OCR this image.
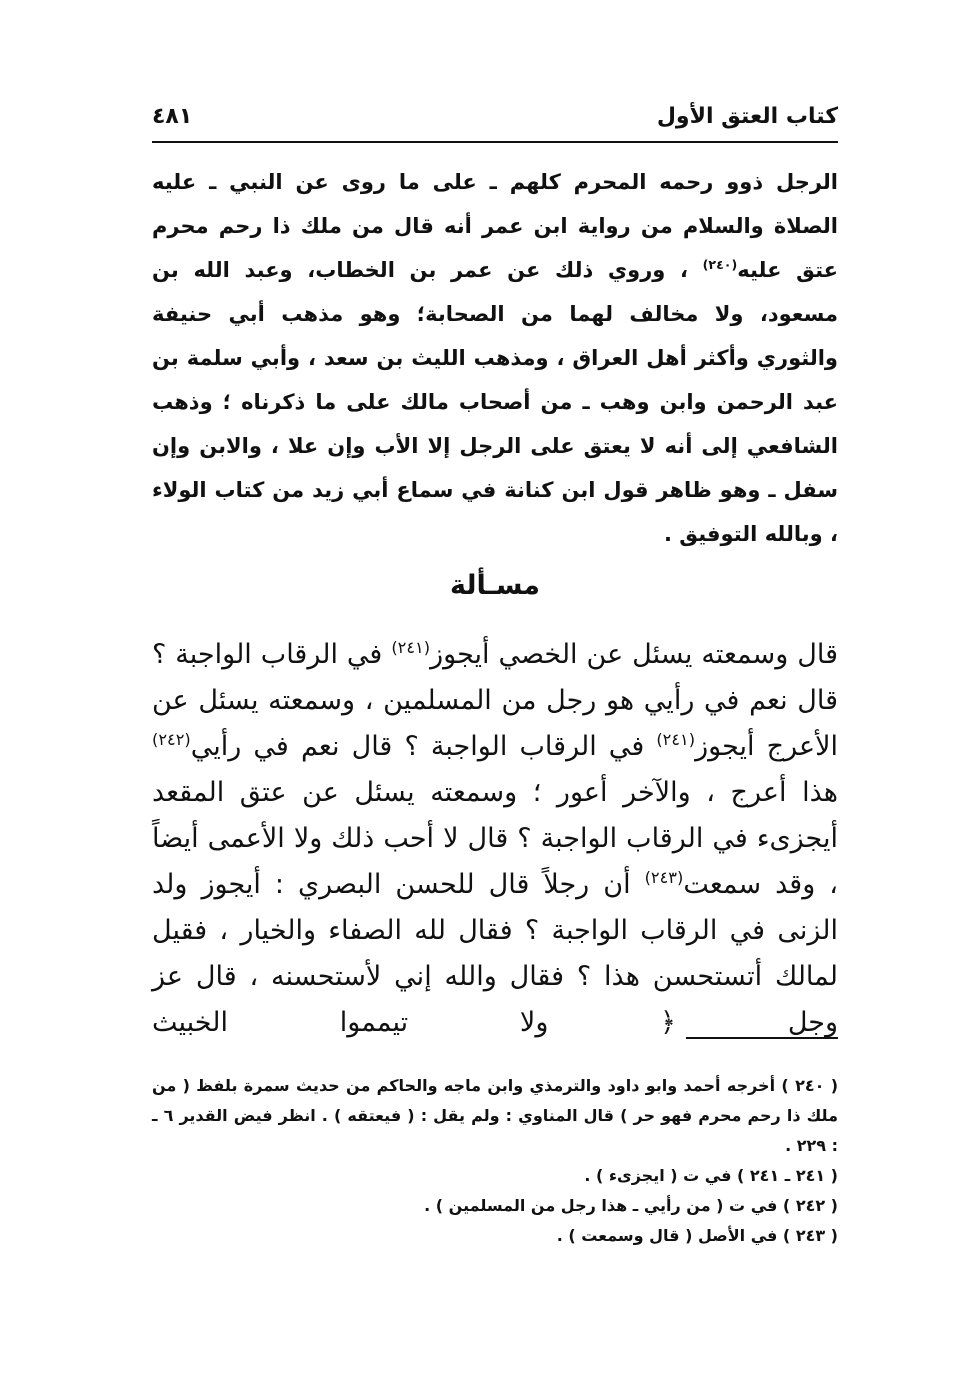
كتاب العتق الأول
٤٨١

الرجل ذوو رحمه المحرم كلهم ـ على ما روى عن النبي ـ عليه الصلاة والسلام من رواية ابن عمر أنه قال من ملك ذا رحم محرم عتق عليه$^{(٢٤٠)}$ ، وروي ذلك عن عمر بن الخطاب، وعبد الله بن مسعود، ولا مخالف لهما من الصحابة؛ وهو مذهب أبي حنيفة والثوري وأكثر أهل العراق ، ومذهب الليث بن سعد ، وأبي سلمة بن عبد الرحمن وابن وهب ـ من أصحاب مالك على ما ذكرناه ؛ وذهب الشافعي إلى أنه لا يعتق على الرجل إلا الأب وإن علا ، والابن وإن سفل ـ وهو ظاهر قول ابن كنانة في سماع أبي زيد من كتاب الولاء ، وبالله التوفيق .

مسـألة

قال وسمعته يسئل عن الخصي أيجوز$^{(٢٤١)}$ في الرقاب الواجبة ؟ قال نعم في رأيي هو رجل من المسلمين ، وسمعته يسئل عن الأعرج أيجوز$^{(٢٤١)}$ في الرقاب الواجبة ؟ قال نعم في رأيي$^{(٢٤٢)}$ هذا أعرج ، والآخر أعور ؛ وسمعته يسئل عن عتق المقعد أيجزىء في الرقاب الواجبة ؟ قال لا أحب ذلك ولا الأعمى أيضاً ، وقد سمعت$^{(٢٤٣)}$ أن رجلاً قال للحسن البصري : أيجوز ولد الزنى في الرقاب الواجبة ؟ فقال لله الصفاء والخيار ، فقيل لمالك أتستحسن هذا ؟ فقال والله إني لأستحسنه ، قال عز وجل ﴿ ولا تيمموا الخبيث

( ٢٤٠ ) أخرجه أحمد وابو داود والترمذي وابن ماجه والحاكم من حديث سمرة بلفظ ( من ملك ذا رحم محرم فهو حر ) قال المناوي : ولم يقل : ( فيعتقه ) . انظر فيض القدير ٦ ـ : ٢٢٩ .
( ٢٤١ ـ ٢٤١ ) في ت ( ايجزىء ) .
( ٢٤٢ ) في ت ( من رأيي ـ هذا رجل من المسلمين ) .
( ٢٤٣ ) في الأصل ( قال وسمعت ) .
